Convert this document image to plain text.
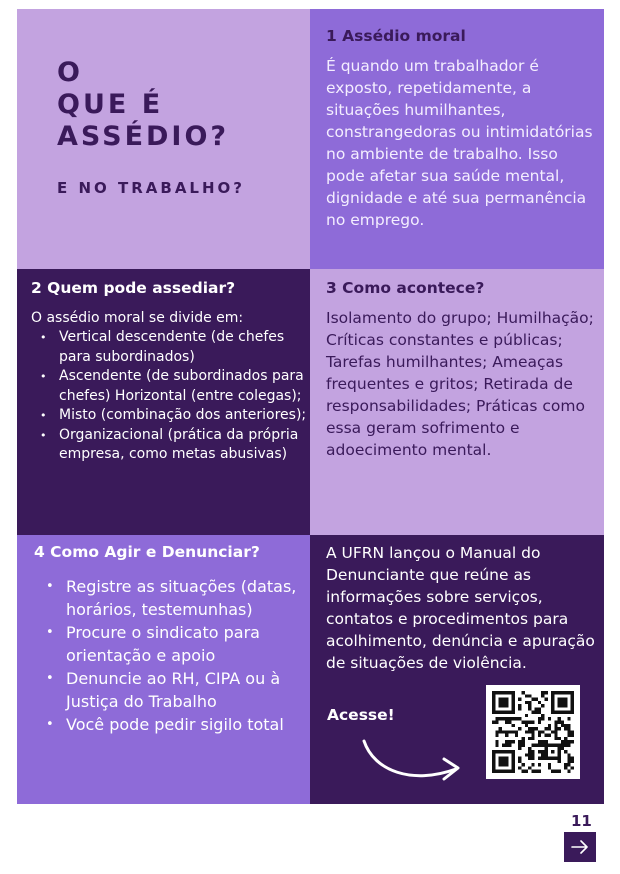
O
QUE É
ASSÉDIO?
E NO TRABALHO?
1 Assédio moral
É quando um trabalhador é exposto, repetidamente, a situações humilhantes, constrangedoras ou intimidatórias no ambiente de trabalho. Isso pode afetar sua saúde mental, dignidade e até sua permanência no emprego.
2 Quem pode assediar?
O assédio moral se divide em:
• Vertical descendente (de chefes para subordinados)
• Ascendente (de subordinados para chefes) Horizontal (entre colegas);
• Misto (combinação dos anteriores);
• Organizacional (prática da própria empresa, como metas abusivas)
3 Como acontece?
Isolamento do grupo; Humilhação; Críticas constantes e públicas; Tarefas humilhantes; Ameaças frequentes e gritos; Retirada de responsabilidades; Práticas como essa geram sofrimento e adoecimento mental.
4 Como Agir e Denunciar?
• Registre as situações (datas, horários, testemunhas)
• Procure o sindicato para orientação e apoio
• Denuncie ao RH, CIPA ou à Justiça do Trabalho
• Você pode pedir sigilo total
A UFRN lançou o Manual do Denunciante que reúne as informações sobre serviços, contatos e procedimentos para acolhimento, denúncia e apuração de situações de violência.
Acesse!
11
